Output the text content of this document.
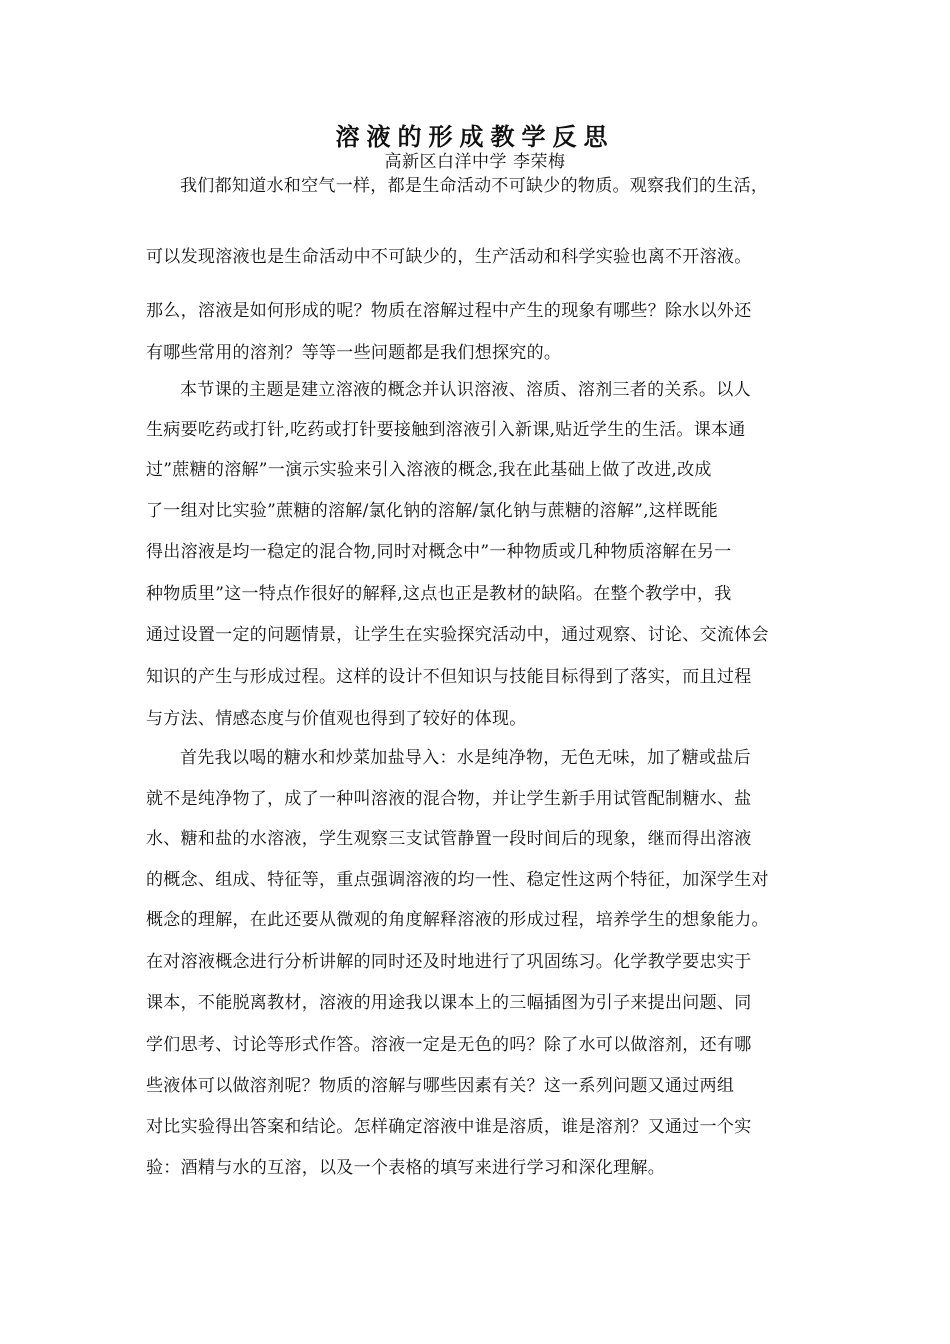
溶液的形成教学反思
高新区白洋中学 李荣梅
我们都知道水和空气一样，都是生命活动不可缺少的物质。观察我们的生活，
可以发现溶液也是生命活动中不可缺少的，生产活动和科学实验也离不开溶液。
那么，溶液是如何形成的呢？物质在溶解过程中产生的现象有哪些？除水以外还
有哪些常用的溶剂？等等一些问题都是我们想探究的。
本节课的主题是建立溶液的概念并认识溶液、溶质、溶剂三者的关系。以人
生病要吃药或打针,吃药或打针要接触到溶液引入新课,贴近学生的生活。课本通
过”蔗糖的溶解”一演示实验来引入溶液的概念,我在此基础上做了改进,改成
了一组对比实验”蔗糖的溶解/氯化钠的溶解/氯化钠与蔗糖的溶解”,这样既能
得出溶液是均一稳定的混合物,同时对概念中”一种物质或几种物质溶解在另一
种物质里”这一特点作很好的解释,这点也正是教材的缺陷。在整个教学中，我
通过设置一定的问题情景，让学生在实验探究活动中，通过观察、讨论、交流体会
知识的产生与形成过程。这样的设计不但知识与技能目标得到了落实，而且过程
与方法、情感态度与价值观也得到了较好的体现。
首先我以喝的糖水和炒菜加盐导入：水是纯净物，无色无味，加了糖或盐后
就不是纯净物了，成了一种叫溶液的混合物，并让学生新手用试管配制糖水、盐
水、糖和盐的水溶液，学生观察三支试管静置一段时间后的现象，继而得出溶液
的概念、组成、特征等，重点强调溶液的均一性、稳定性这两个特征，加深学生对
概念的理解，在此还要从微观的角度解释溶液的形成过程，培养学生的想象能力。
在对溶液概念进行分析讲解的同时还及时地进行了巩固练习。化学教学要忠实于
课本，不能脱离教材，溶液的用途我以课本上的三幅插图为引子来提出问题、同
学们思考、讨论等形式作答。溶液一定是无色的吗？除了水可以做溶剂，还有哪
些液体可以做溶剂呢？物质的溶解与哪些因素有关？这一系列问题又通过两组
对比实验得出答案和结论。怎样确定溶液中谁是溶质，谁是溶剂？又通过一个实
验：酒精与水的互溶，以及一个表格的填写来进行学习和深化理解。
